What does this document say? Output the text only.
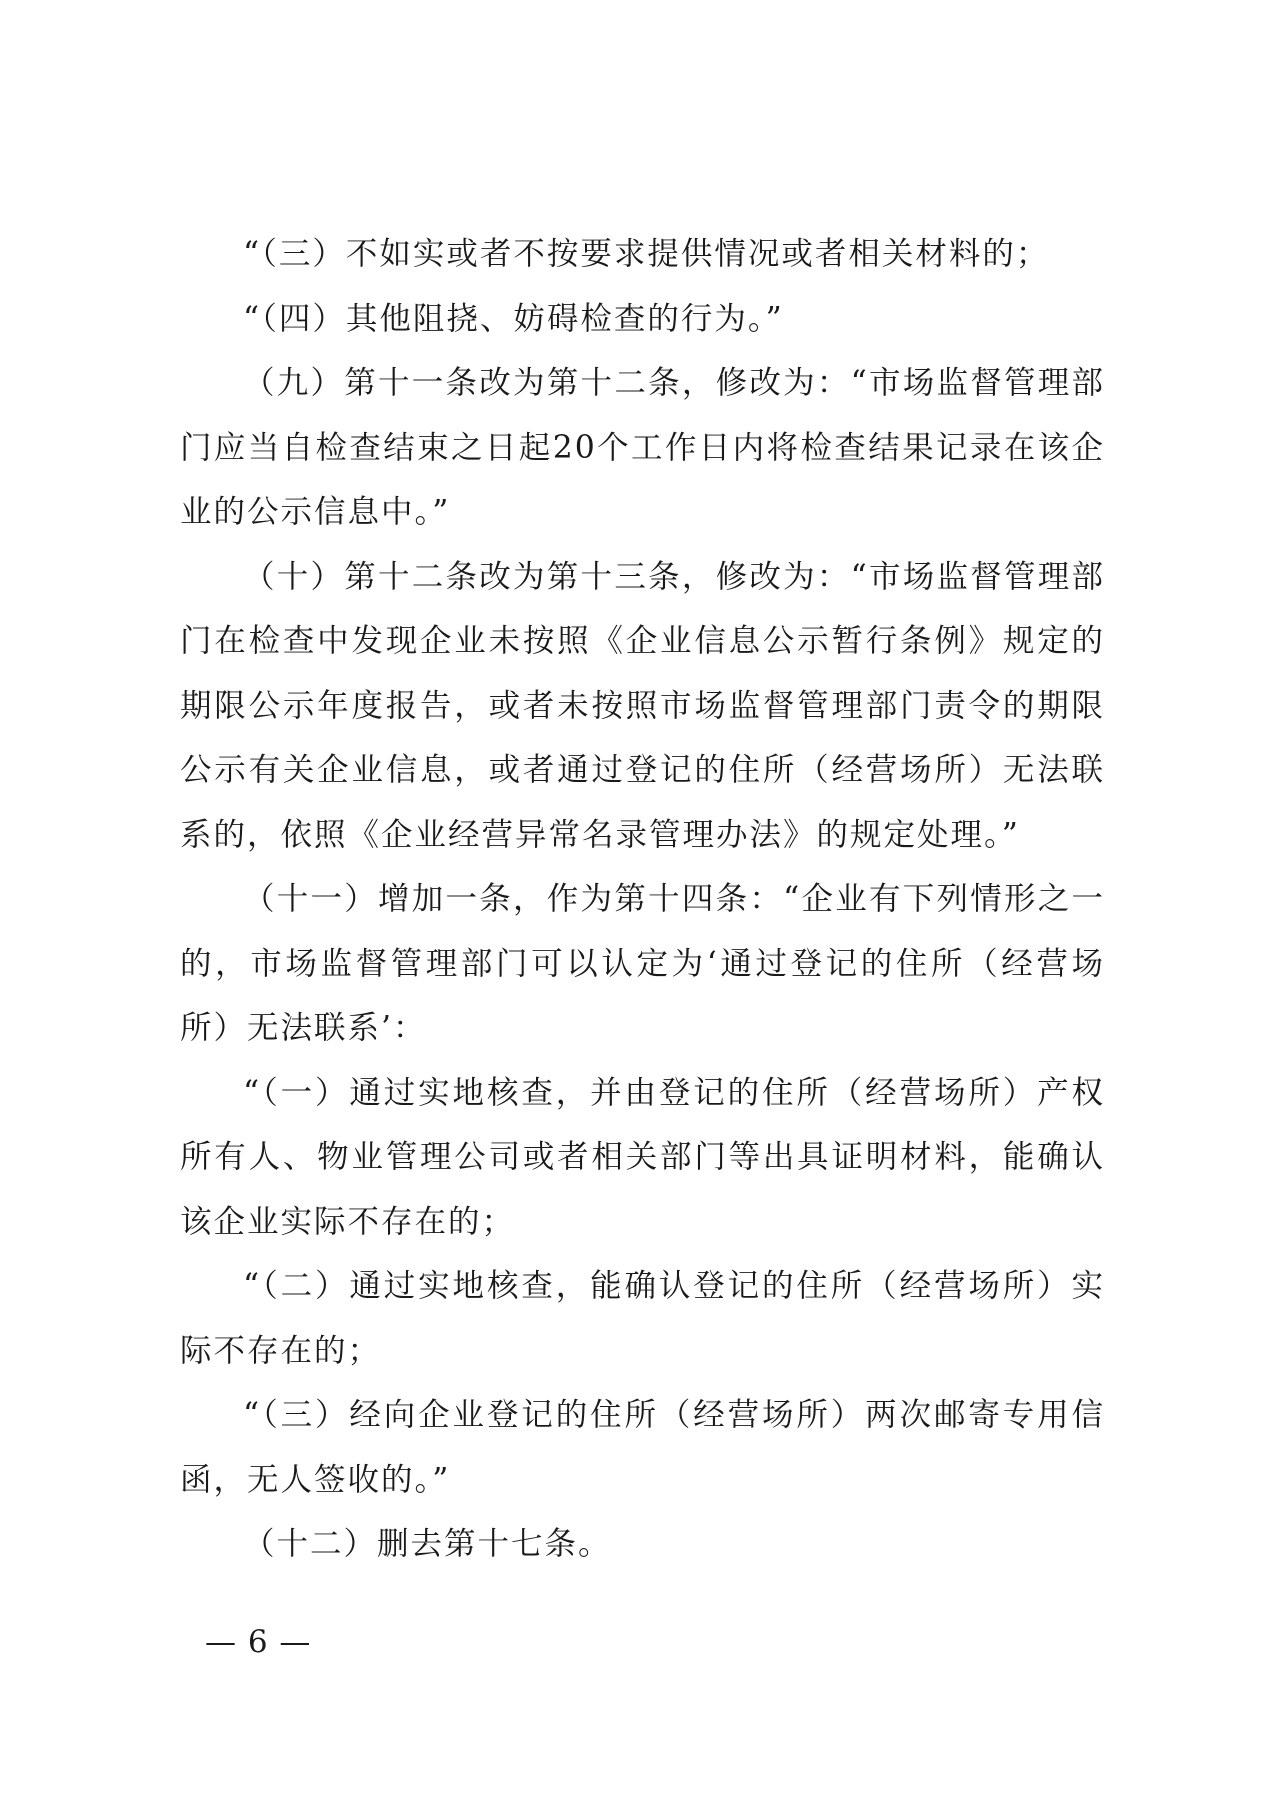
“（三）不如实或者不按要求提供情况或者相关材料的；

“（四）其他阻挠、妨碍检查的行为。”

（九）第十一条改为第十二条，修改为：“市场监督管理部门应当自检查结束之日起20个工作日内将检查结果记录在该企业的公示信息中。”

（十）第十二条改为第十三条，修改为：“市场监督管理部门在检查中发现企业未按照《企业信息公示暂行条例》规定的期限公示年度报告，或者未按照市场监督管理部门责令的期限公示有关企业信息，或者通过登记的住所（经营场所）无法联系的，依照《企业经营异常名录管理办法》的规定处理。”

（十一）增加一条，作为第十四条：“企业有下列情形之一的，市场监督管理部门可以认定为‘通过登记的住所（经营场所）无法联系’：

“（一）通过实地核查，并由登记的住所（经营场所）产权所有人、物业管理公司或者相关部门等出具证明材料，能确认该企业实际不存在的；

“（二）通过实地核查，能确认登记的住所（经营场所）实际不存在的；

“（三）经向企业登记的住所（经营场所）两次邮寄专用信函，无人签收的。”

（十二）删去第十七条。

— 6 —
